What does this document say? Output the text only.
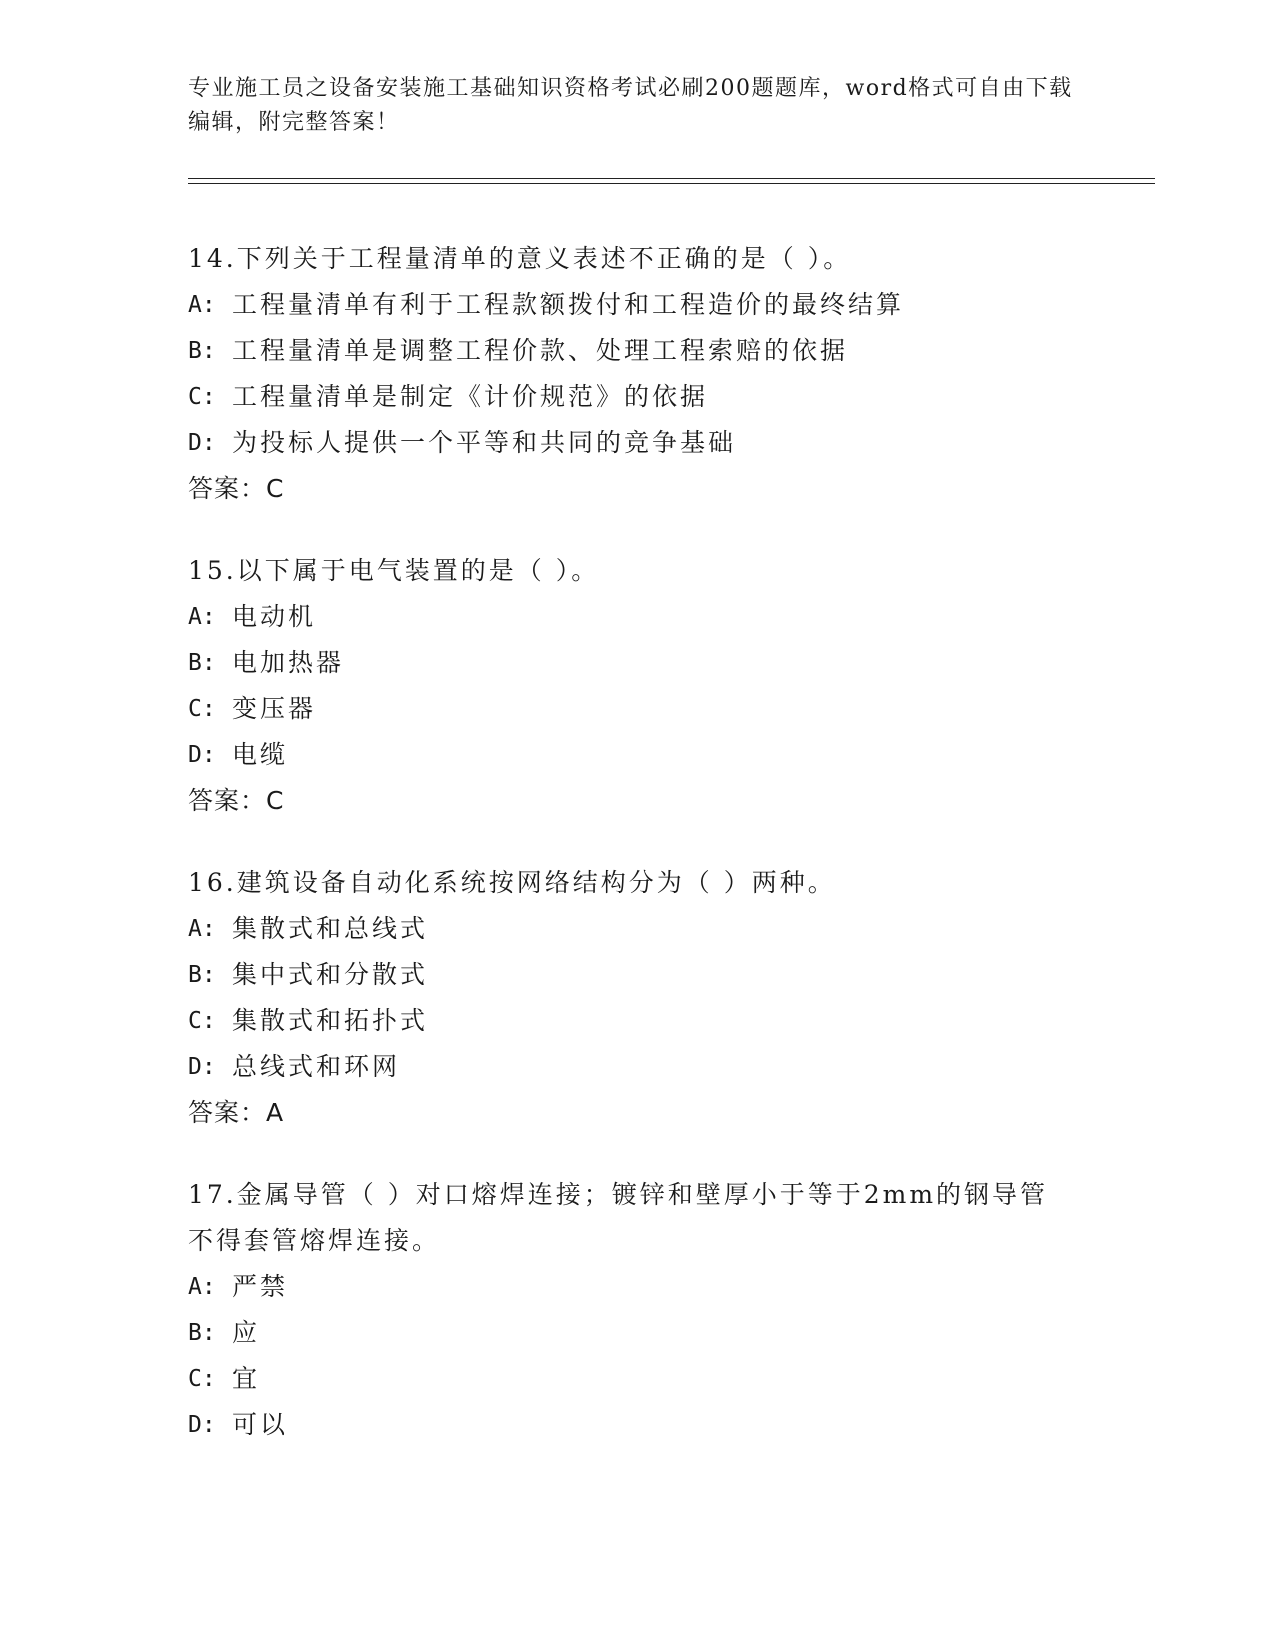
专业施工员之设备安装施工基础知识资格考试必刷200题题库，word格式可自由下载编辑，附完整答案！
14.下列关于工程量清单的意义表述不正确的是（ ）。
A: 工程量清单有利于工程款额拨付和工程造价的最终结算
B: 工程量清单是调整工程价款、处理工程索赔的依据
C: 工程量清单是制定《计价规范》的依据
D: 为投标人提供一个平等和共同的竞争基础
答案：C
15.以下属于电气装置的是（ ）。
A: 电动机
B: 电加热器
C: 变压器
D: 电缆
答案：C
16.建筑设备自动化系统按网络结构分为（ ）两种。
A: 集散式和总线式
B: 集中式和分散式
C: 集散式和拓扑式
D: 总线式和环网
答案：A
17.金属导管（ ）对口熔焊连接；镀锌和壁厚小于等于2mm的钢导管不得套管熔焊连接。
A: 严禁
B: 应
C: 宜
D: 可以
